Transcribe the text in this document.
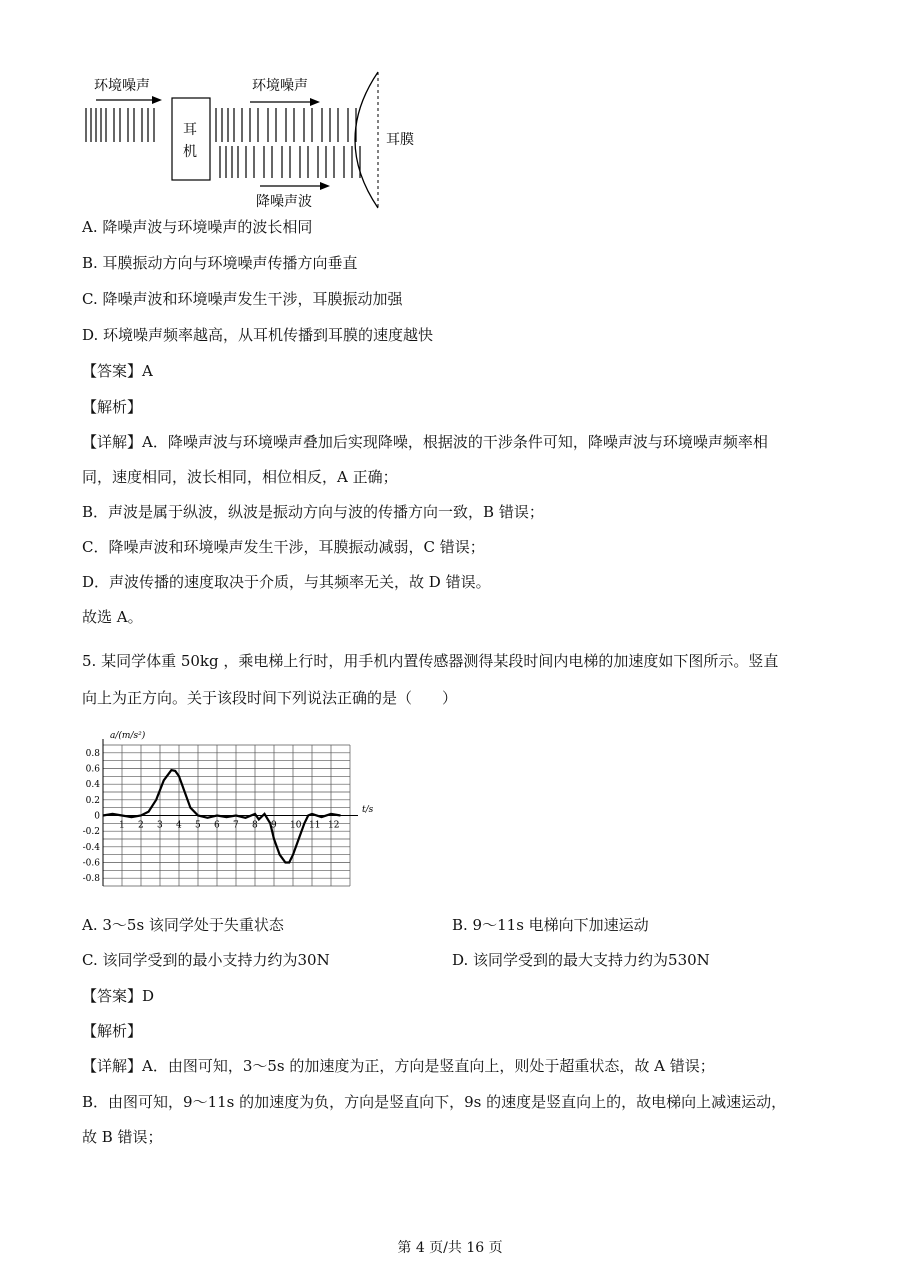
环境噪声
耳
机
环境噪声
降噪声波
耳膜
A. 降噪声波与环境噪声的波长相同
B. 耳膜振动方向与环境噪声传播方向垂直
C. 降噪声波和环境噪声发生干涉，耳膜振动加强
D. 环境噪声频率越高，从耳机传播到耳膜的速度越快
【答案】A
【解析】
【详解】A．降噪声波与环境噪声叠加后实现降噪，根据波的干涉条件可知，降噪声波与环境噪声频率相
同，速度相同，波长相同，相位相反，A 正确；
B．声波是属于纵波，纵波是振动方向与波的传播方向一致，B 错误；
C．降噪声波和环境噪声发生干涉，耳膜振动减弱，C 错误；
D．声波传播的速度取决于介质，与其频率无关，故 D 错误。
故选 A。
5. 某同学体重 50kg ，乘电梯上行时，用手机内置传感器测得某段时间内电梯的加速度如下图所示。竖直
向上为正方向。关于该段时间下列说法正确的是（　　）
0.8
0.6
0.4
0.2
0
-0.2
-0.4
-0.6
-0.8
1 2 3 4 5 6 7 8 9 10 11 12
a/(m/s²)
t/s
A. 3～5s 该同学处于失重状态	B. 9～11s 电梯向下加速运动
C. 该同学受到的最小支持力约为30N	D. 该同学受到的最大支持力约为530N
【答案】D
【解析】
【详解】A．由图可知，3～5s 的加速度为正，方向是竖直向上，则处于超重状态，故 A 错误；
B．由图可知，9～11s 的加速度为负，方向是竖直向下，9s 的速度是竖直向上的，故电梯向上减速运动，
故 B 错误；
第 4 页/共 16 页
